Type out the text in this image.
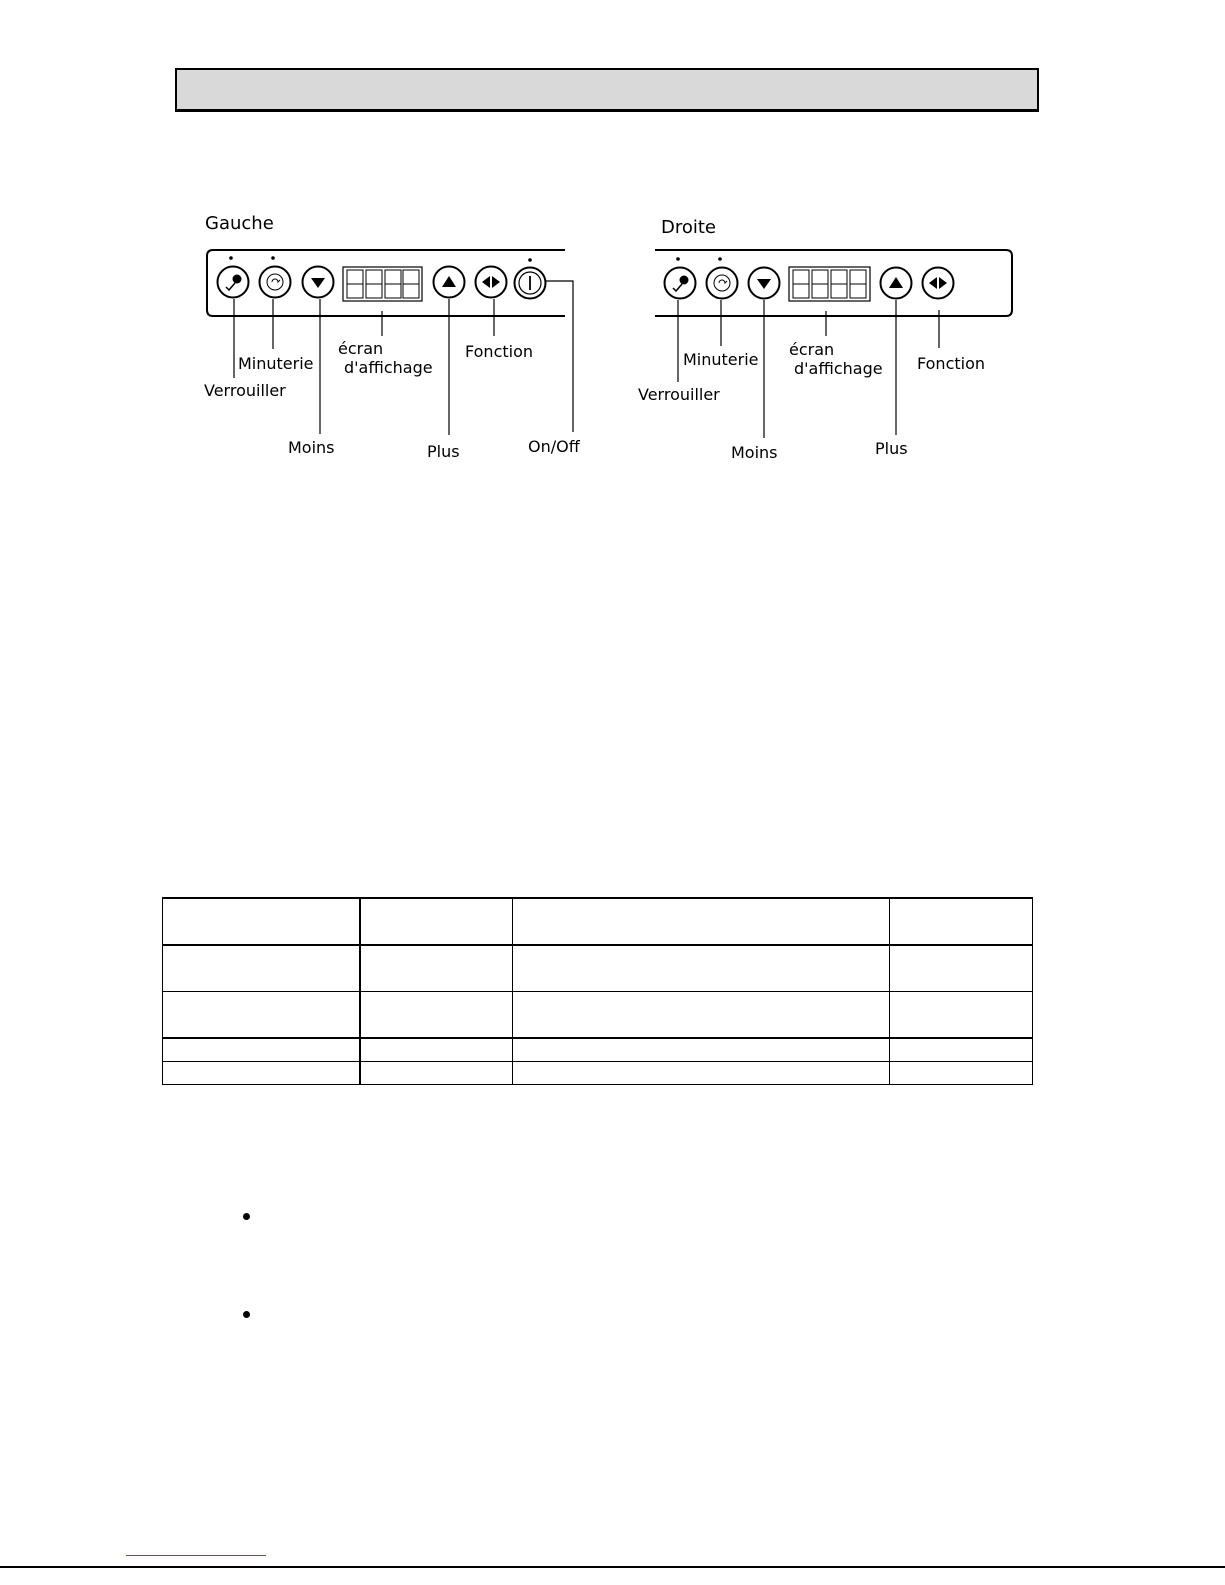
Gauche
Minuterie
Verrouiller
Moins
écran
d'affichage
Fonction
Plus	On/Off
Droite
Minuterie
Verrouiller
Moins
écran
d'affichage Fonction
Plus
